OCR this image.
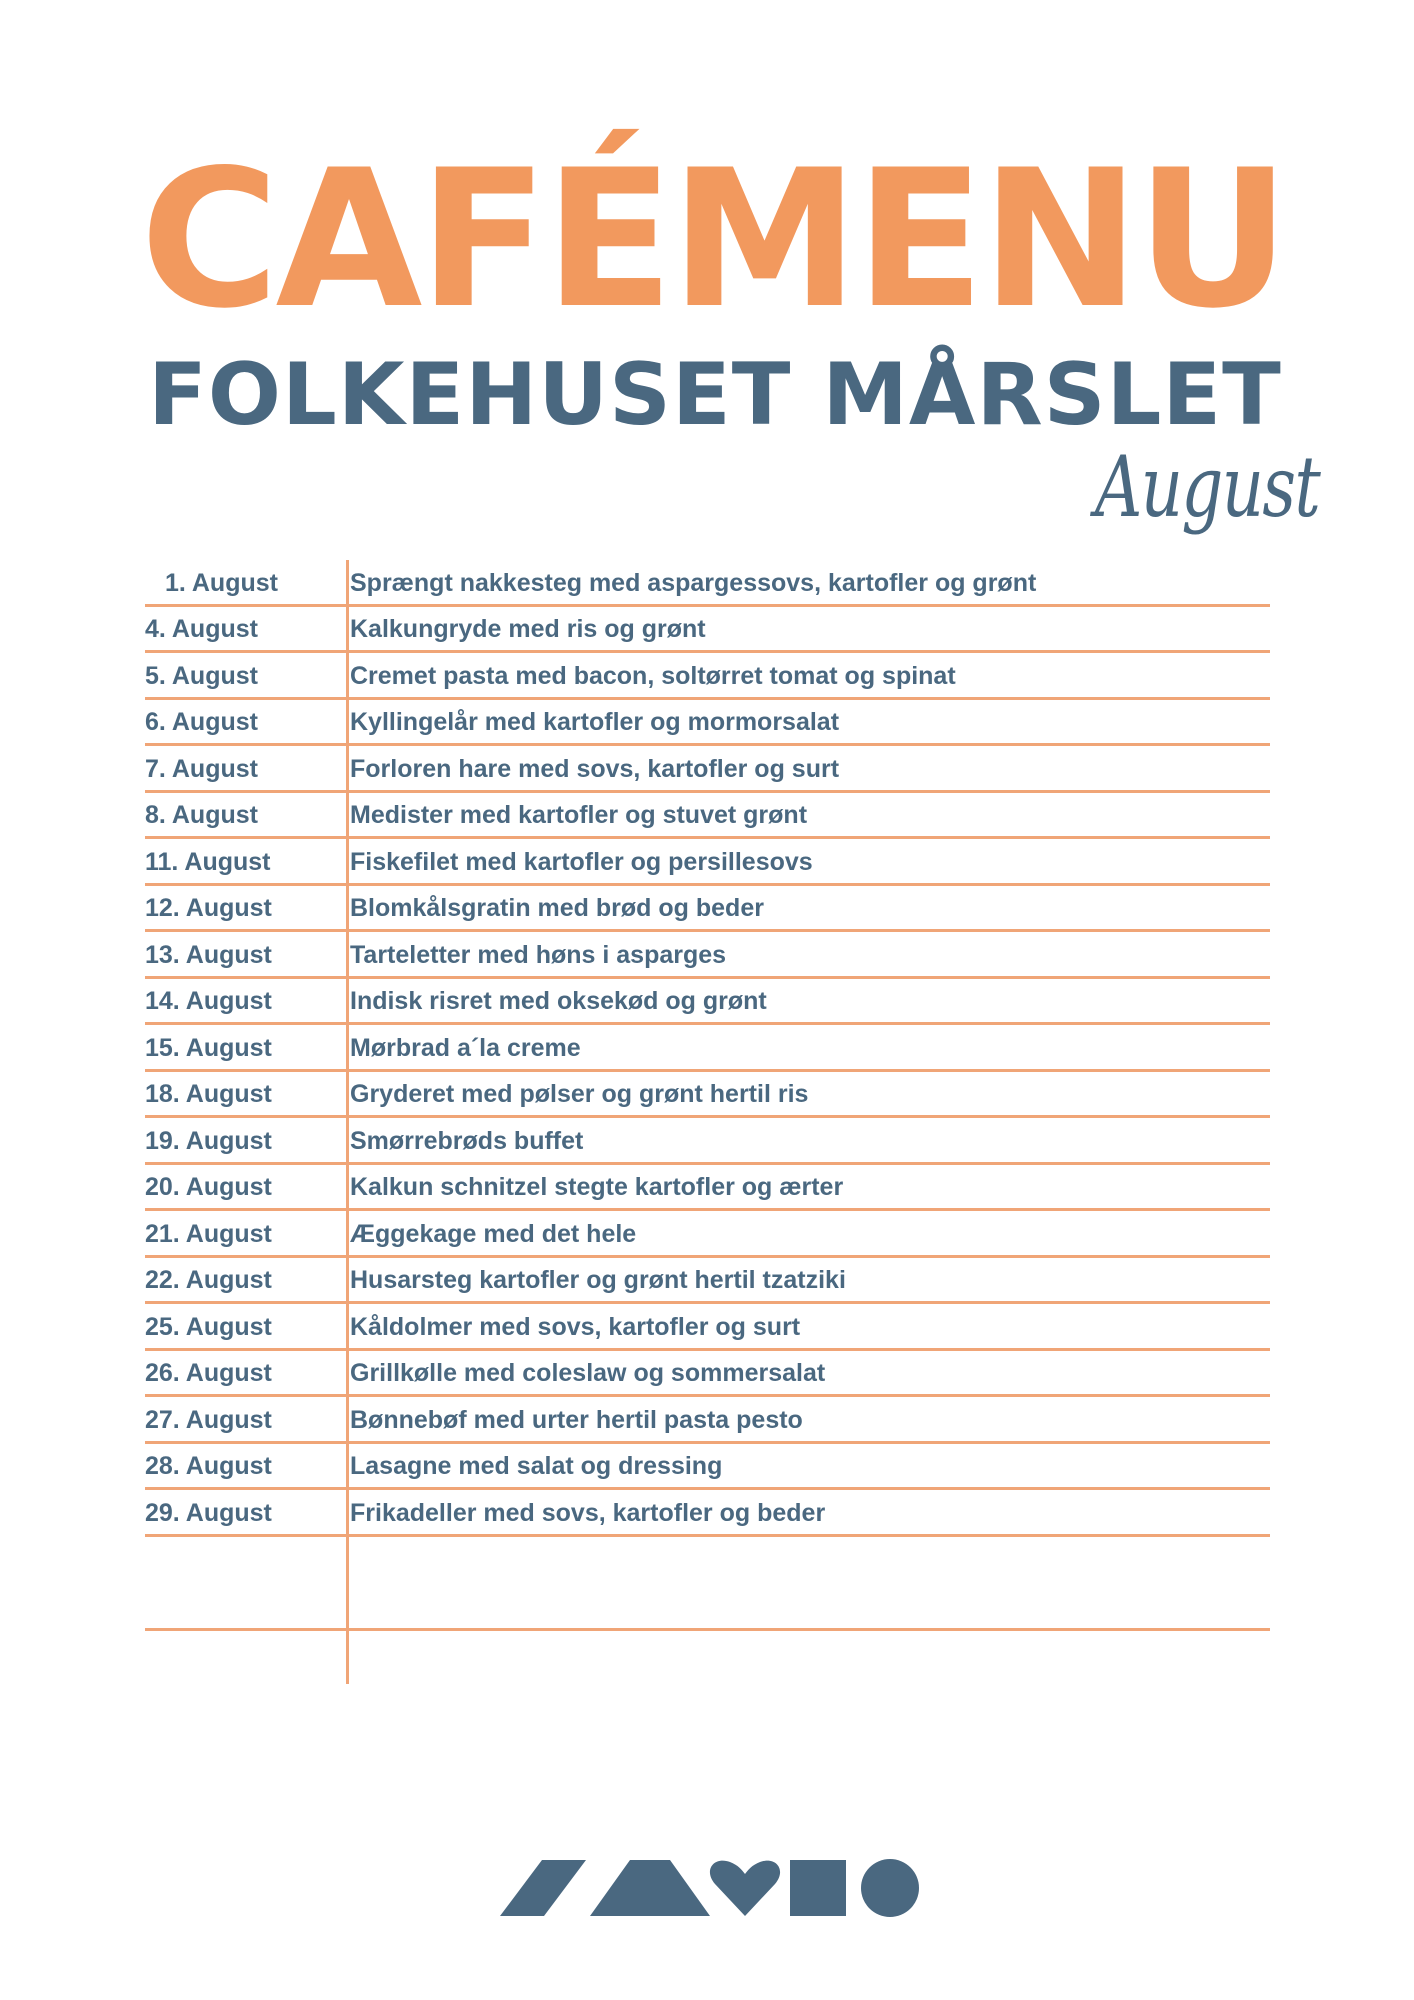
CAFÉMENU
FOLKEHUSET MÅRSLET
August
1. August	Sprængt nakkesteg med aspargessovs, kartofler og grønt
4. August	Kalkungryde med ris og grønt
5. August	Cremet pasta med bacon, soltørret tomat og spinat
6. August	Kyllingelår med kartofler og mormorsalat
7. August	Forloren hare med sovs, kartofler og surt
8. August	Medister med kartofler og stuvet grønt
11. August	Fiskefilet med kartofler og persillesovs
12. August	Blomkålsgratin med brød og beder
13. August	Tarteletter med høns i asparges
14. August	Indisk risret med oksekød og grønt
15. August	Mørbrad a´la creme
18. August	Gryderet med pølser og grønt hertil ris
19. August	Smørrebrøds buffet
20. August	Kalkun schnitzel stegte kartofler og ærter
21. August	Æggekage med det hele
22. August	Husarsteg kartofler og grønt hertil tzatziki
25. August	Kåldolmer med sovs, kartofler og surt
26. August	Grillkølle med coleslaw og sommersalat
27. August	Bønnebøf med urter hertil pasta pesto
28. August	Lasagne med salat og dressing
29. August	Frikadeller med sovs, kartofler og beder
